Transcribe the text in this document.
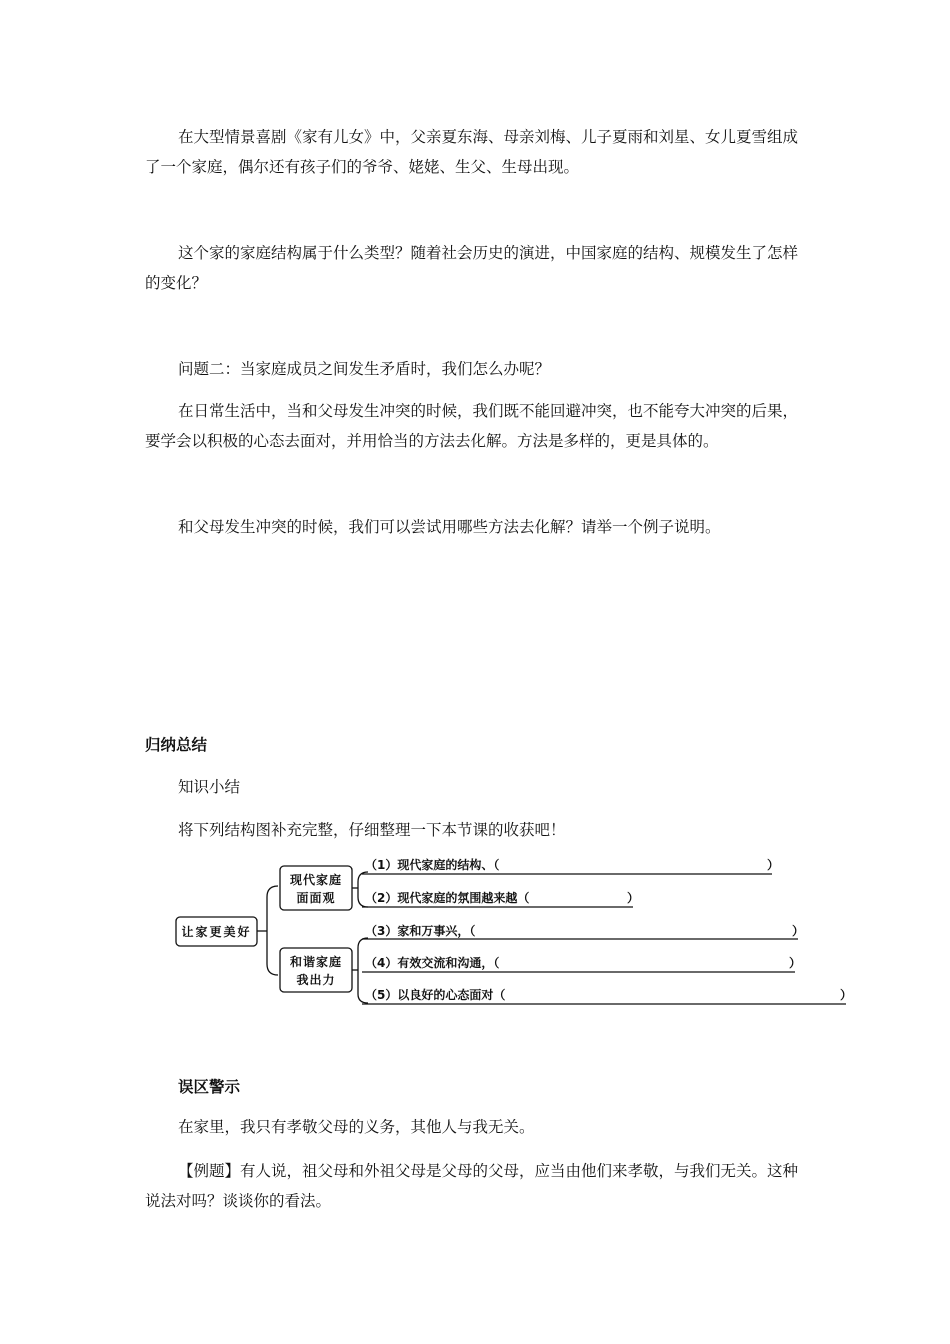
在大型情景喜剧《家有儿女》中，父亲夏东海、母亲刘梅、儿子夏雨和刘星、女儿夏雪组成了一个家庭，偶尔还有孩子们的爷爷、姥姥、生父、生母出现。

这个家的家庭结构属于什么类型？随着社会历史的演进，中国家庭的结构、规模发生了怎样的变化？

问题二：当家庭成员之间发生矛盾时，我们怎么办呢？

在日常生活中，当和父母发生冲突的时候，我们既不能回避冲突，也不能夸大冲突的后果，要学会以积极的心态去面对，并用恰当的方法去化解。方法是多样的，更是具体的。

和父母发生冲突的时候，我们可以尝试用哪些方法去化解？请举一个例子说明。

归纳总结

知识小结

将下列结构图补充完整，仔细整理一下本节课的收获吧！

让家更美好
现代家庭
面面观
和谐家庭
我出力
（1）现代家庭的结构、（	）
（2）现代家庭的氛围越来越（	）
（3）家和万事兴，（	）
（4）有效交流和沟通，（	）
（5）以良好的心态面对（	）
误区警示

在家里，我只有孝敬父母的义务，其他人与我无关。

【例题】有人说，祖父母和外祖父母是父母的父母，应当由他们来孝敬，与我们无关。这种说法对吗？谈谈你的看法。
